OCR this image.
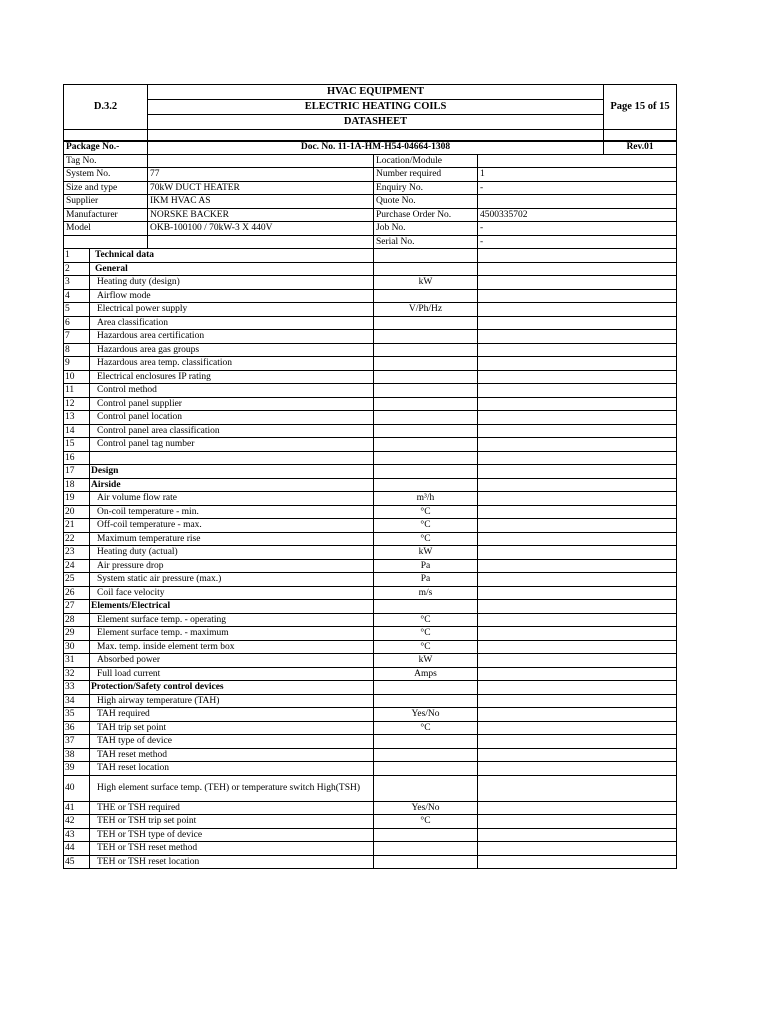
D.3.2	HVAC EQUIPMENT	Page 15 of 15
	ELECTRIC HEATING COILS	
	DATASHEET	

Package No.-	Doc. No. 11-1A-HM-H54-04664-1308			Rev.01
Tag No.		Location/Module		
System No.	77	Number required	1	
Size and type	70kW DUCT HEATER	Enquiry No.	-	
Supplier	IKM HVAC AS	Quote No.		
Manufacturer	NORSKE BACKER	Purchase Order No.	4500335702	
Model	OKB-100100 / 70kW-3 X 440V	Job No.	-	
		Serial No.	-	
1	Technical data		
2	General		
3	Heating duty (design)	kW	
4	Airflow mode		
5	Electrical power supply	V/Ph/Hz	
6	Area classification		
7	Hazardous area certification		
8	Hazardous area gas groups		
9	Hazardous area temp. classification		
10	Electrical enclosures IP rating		
11	Control method		
12	Control panel supplier		
13	Control panel location		
14	Control panel area classification		
15	Control panel tag number		
16			
17	Design		
18	Airside		
19	Air volume flow rate	m³/h	
20	On-coil temperature - min.	°C	
21	Off-coil temperature - max.	°C	
22	Maximum temperature rise	°C	
23	Heating duty (actual)	kW	
24	Air pressure drop	Pa	
25	System static air pressure (max.)	Pa	
26	Coil face velocity	m/s	
27	Elements/Electrical		
28	Element surface temp. - operating	°C	
29	Element surface temp. - maximum	°C	
30	Max. temp. inside element term box	°C	
31	Absorbed power	kW	
32	Full load current	Amps	
33	Protection/Safety control devices		
34	High airway temperature (TAH)		
35	TAH required	Yes/No	
36	TAH trip set point	°C	
37	TAH type of device		
38	TAH reset method		
39	TAH reset location		
40	High element surface temp. (TEH) or temperature switch High(TSH)		
41	THE or TSH required	Yes/No	
42	TEH or TSH trip set point	°C	
43	TEH or TSH type of device		
44	TEH or TSH reset method		
45	TEH or TSH reset location		
